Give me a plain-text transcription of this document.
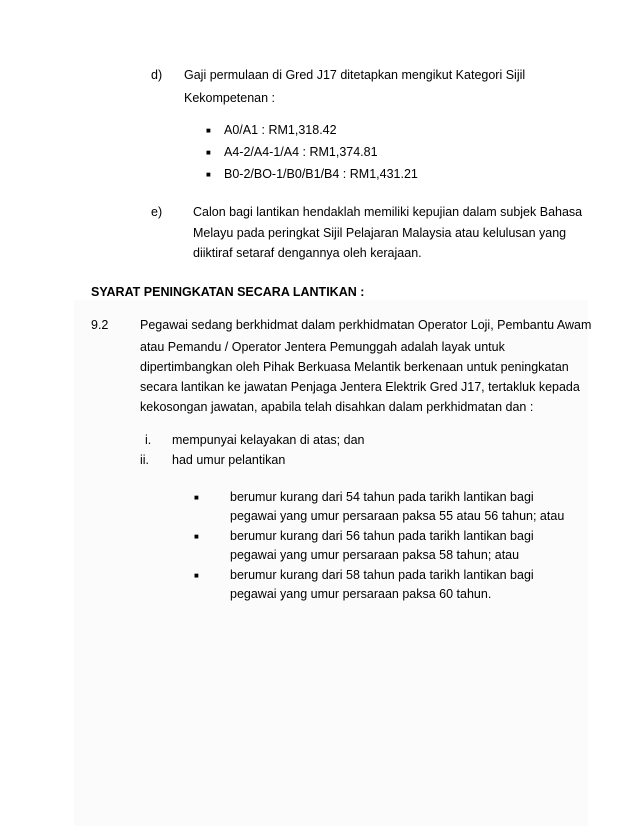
d) Gaji permulaan di Gred J17 ditetapkan mengikut Kategori Sijil
Kekompetenan :
■ A0/A1 : RM1,318.42
■ A4-2/A4-1/A4 : RM1,374.81
■ B0-2/BO-1/B0/B1/B4 : RM1,431.21
e) Calon bagi lantikan hendaklah memiliki kepujian dalam subjek Bahasa
Melayu pada peringkat Sijil Pelajaran Malaysia atau kelulusan yang
diiktiraf setaraf dengannya oleh kerajaan.
SYARAT PENINGKATAN SECARA LANTIKAN :
9.2	Pegawai sedang berkhidmat dalam perkhidmatan Operator Loji, Pembantu Awam
atau Pemandu / Operator Jentera Pemunggah adalah layak untuk
dipertimbangkan oleh Pihak Berkuasa Melantik berkenaan untuk peningkatan
secara lantikan ke jawatan Penjaga Jentera Elektrik Gred J17, tertakluk kepada
kekosongan jawatan, apabila telah disahkan dalam perkhidmatan dan :
i. mempunyai kelayakan di atas; dan
ii. had umur pelantikan
■ berumur kurang dari 54 tahun pada tarikh lantikan bagi
pegawai yang umur persaraan paksa 55 atau 56 tahun; atau
■ berumur kurang dari 56 tahun pada tarikh lantikan bagi
pegawai yang umur persaraan paksa 58 tahun; atau
■ berumur kurang dari 58 tahun pada tarikh lantikan bagi
pegawai yang umur persaraan paksa 60 tahun.
